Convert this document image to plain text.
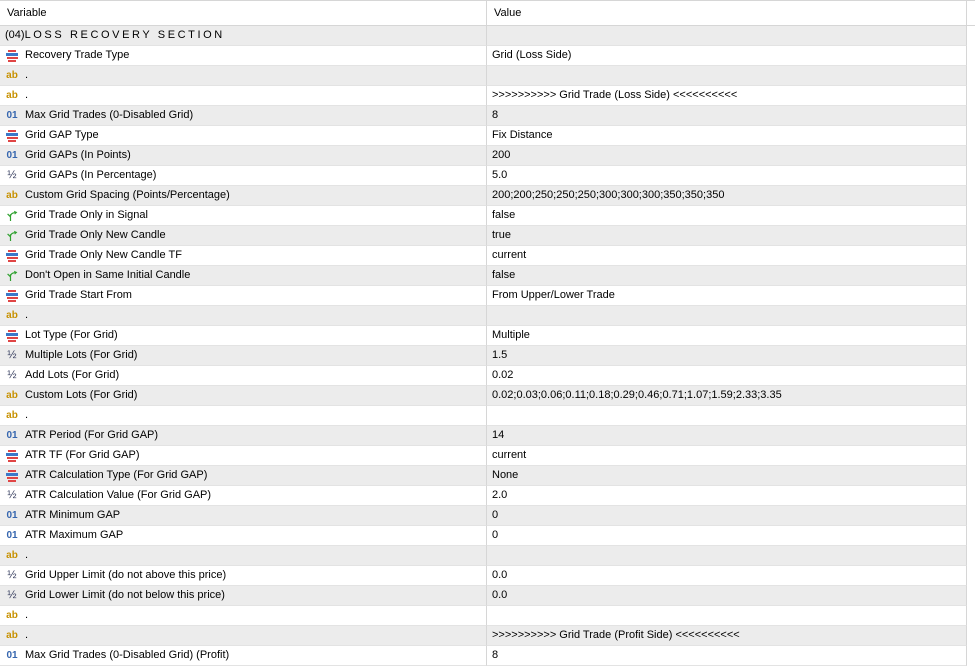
Variable	Value
(04) LOSS RECOVERY SECTION
Recovery Trade Type	Grid (Loss Side)
ab .
ab .	>>>>>>>>>> Grid Trade (Loss Side) <<<<<<<<<<
01 Max Grid Trades (0-Disabled Grid)	8
Grid GAP Type	Fix Distance
01 Grid GAPs (In Points)	200
½ Grid GAPs (In Percentage)	5.0
ab Custom Grid Spacing (Points/Percentage)	200;200;250;250;250;300;300;300;350;350;350
Grid Trade Only in Signal	false
Grid Trade Only New Candle	true
Grid Trade Only New Candle TF	current
Don't Open in Same Initial Candle	false
Grid Trade Start From	From Upper/Lower Trade
ab .
Lot Type (For Grid)	Multiple
½ Multiple Lots (For Grid)	1.5
½ Add Lots (For Grid)	0.02
ab Custom Lots (For Grid)	0.02;0.03;0.06;0.11;0.18;0.29;0.46;0.71;1.07;1.59;2.33;3.35
ab .
01 ATR Period (For Grid GAP)	14
ATR TF (For Grid GAP)	current
ATR Calculation Type (For Grid GAP)	None
½ ATR Calculation Value (For Grid GAP)	2.0
01 ATR Minimum GAP	0
01 ATR Maximum GAP	0
ab .
½ Grid Upper Limit (do not above this price)	0.0
½ Grid Lower Limit (do not below this price)	0.0
ab .
ab .	>>>>>>>>>> Grid Trade (Profit Side) <<<<<<<<<<
01 Max Grid Trades (0-Disabled Grid) (Profit)	8
